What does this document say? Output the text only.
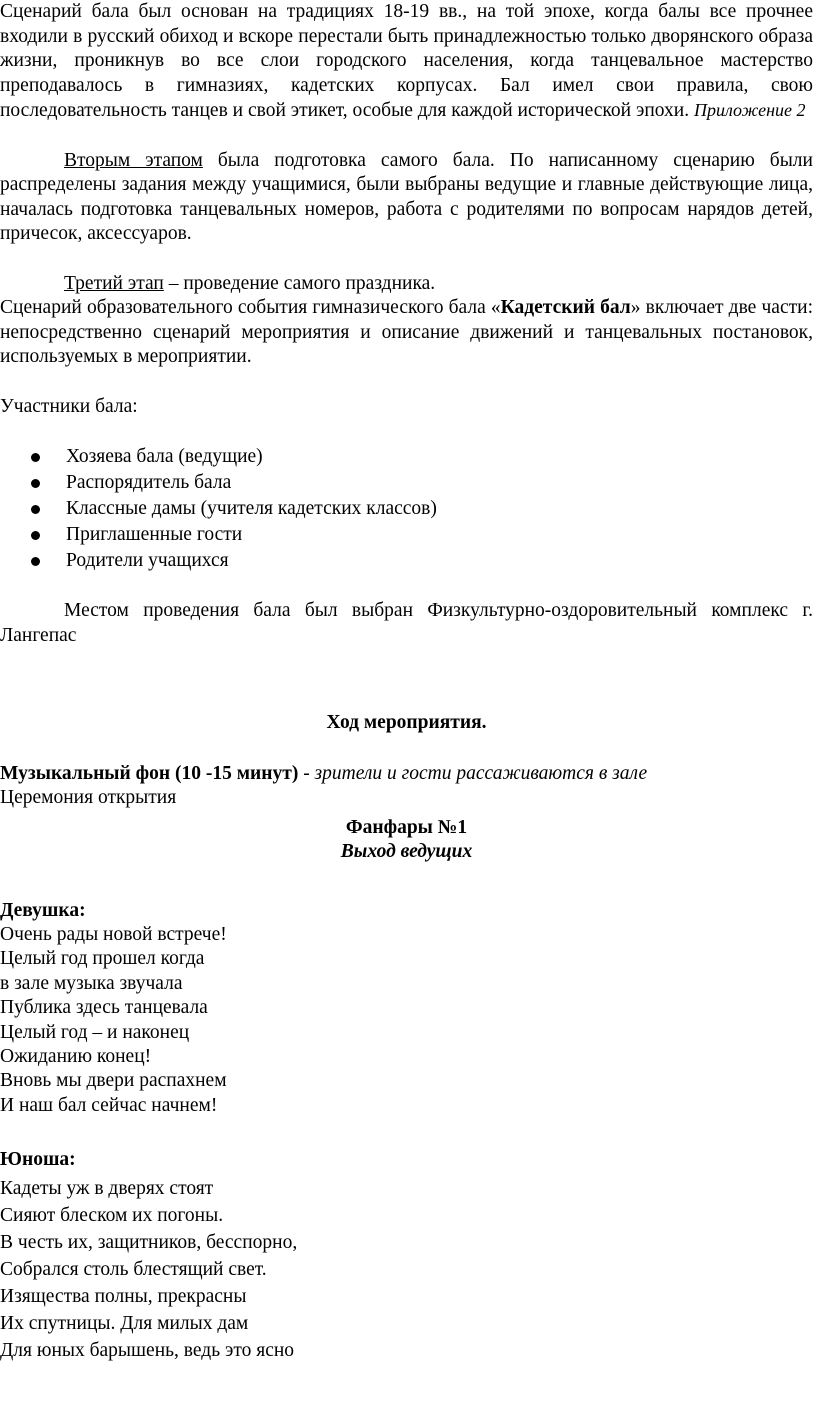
Сценарий бала был основан на традициях 18-19 вв., на той эпохе, когда балы все прочнее входили в русский обиход и вскоре перестали быть принадлежностью только дворянского образа жизни, проникнув во все слои городского населения, когда танцевальное мастерство преподавалось в гимназиях, кадетских корпусах. Бал имел свои правила, свою последовательность танцев и свой этикет, особые для каждой исторической эпохи. Приложение 2

Вторым этапом была подготовка самого бала. По написанному сценарию были распределены задания между учащимися, были выбраны ведущие и главные действующие лица, началась подготовка танцевальных номеров, работа с родителями по вопросам нарядов детей, причесок, аксессуаров.

Третий этап – проведение самого праздника.

Сценарий образовательного события гимназического бала «Кадетский бал» включает две части: непосредственно сценарий мероприятия и описание движений и танцевальных постановок, используемых в мероприятии.

Участники бала:

Хозяева бала (ведущие)
Распорядитель бала
Классные дамы (учителя кадетских классов)
Приглашенные гости
Родители учащихся

Местом проведения бала был выбран Физкультурно-оздоровительный комплекс г. Лангепас

Ход мероприятия.

Музыкальный фон (10 -15 минут) - зрители и гости рассаживаются в зале

Церемония открытия

Фанфары №1

Выход ведущих

Девушка:

Очень рады новой встрече!

Целый год прошел когда

в зале музыка звучала

Публика здесь танцевала

Целый год – и наконец

Ожиданию конец!

Вновь мы двери распахнем

И наш бал сейчас начнем!

Юноша:

Кадеты уж в дверях стоят

Сияют блеском их погоны.

В честь их, защитников, бесспорно,

Собрался столь блестящий свет.

Изящества полны, прекрасны

Их спутницы. Для милых дам

Для юных барышень, ведь это ясно
